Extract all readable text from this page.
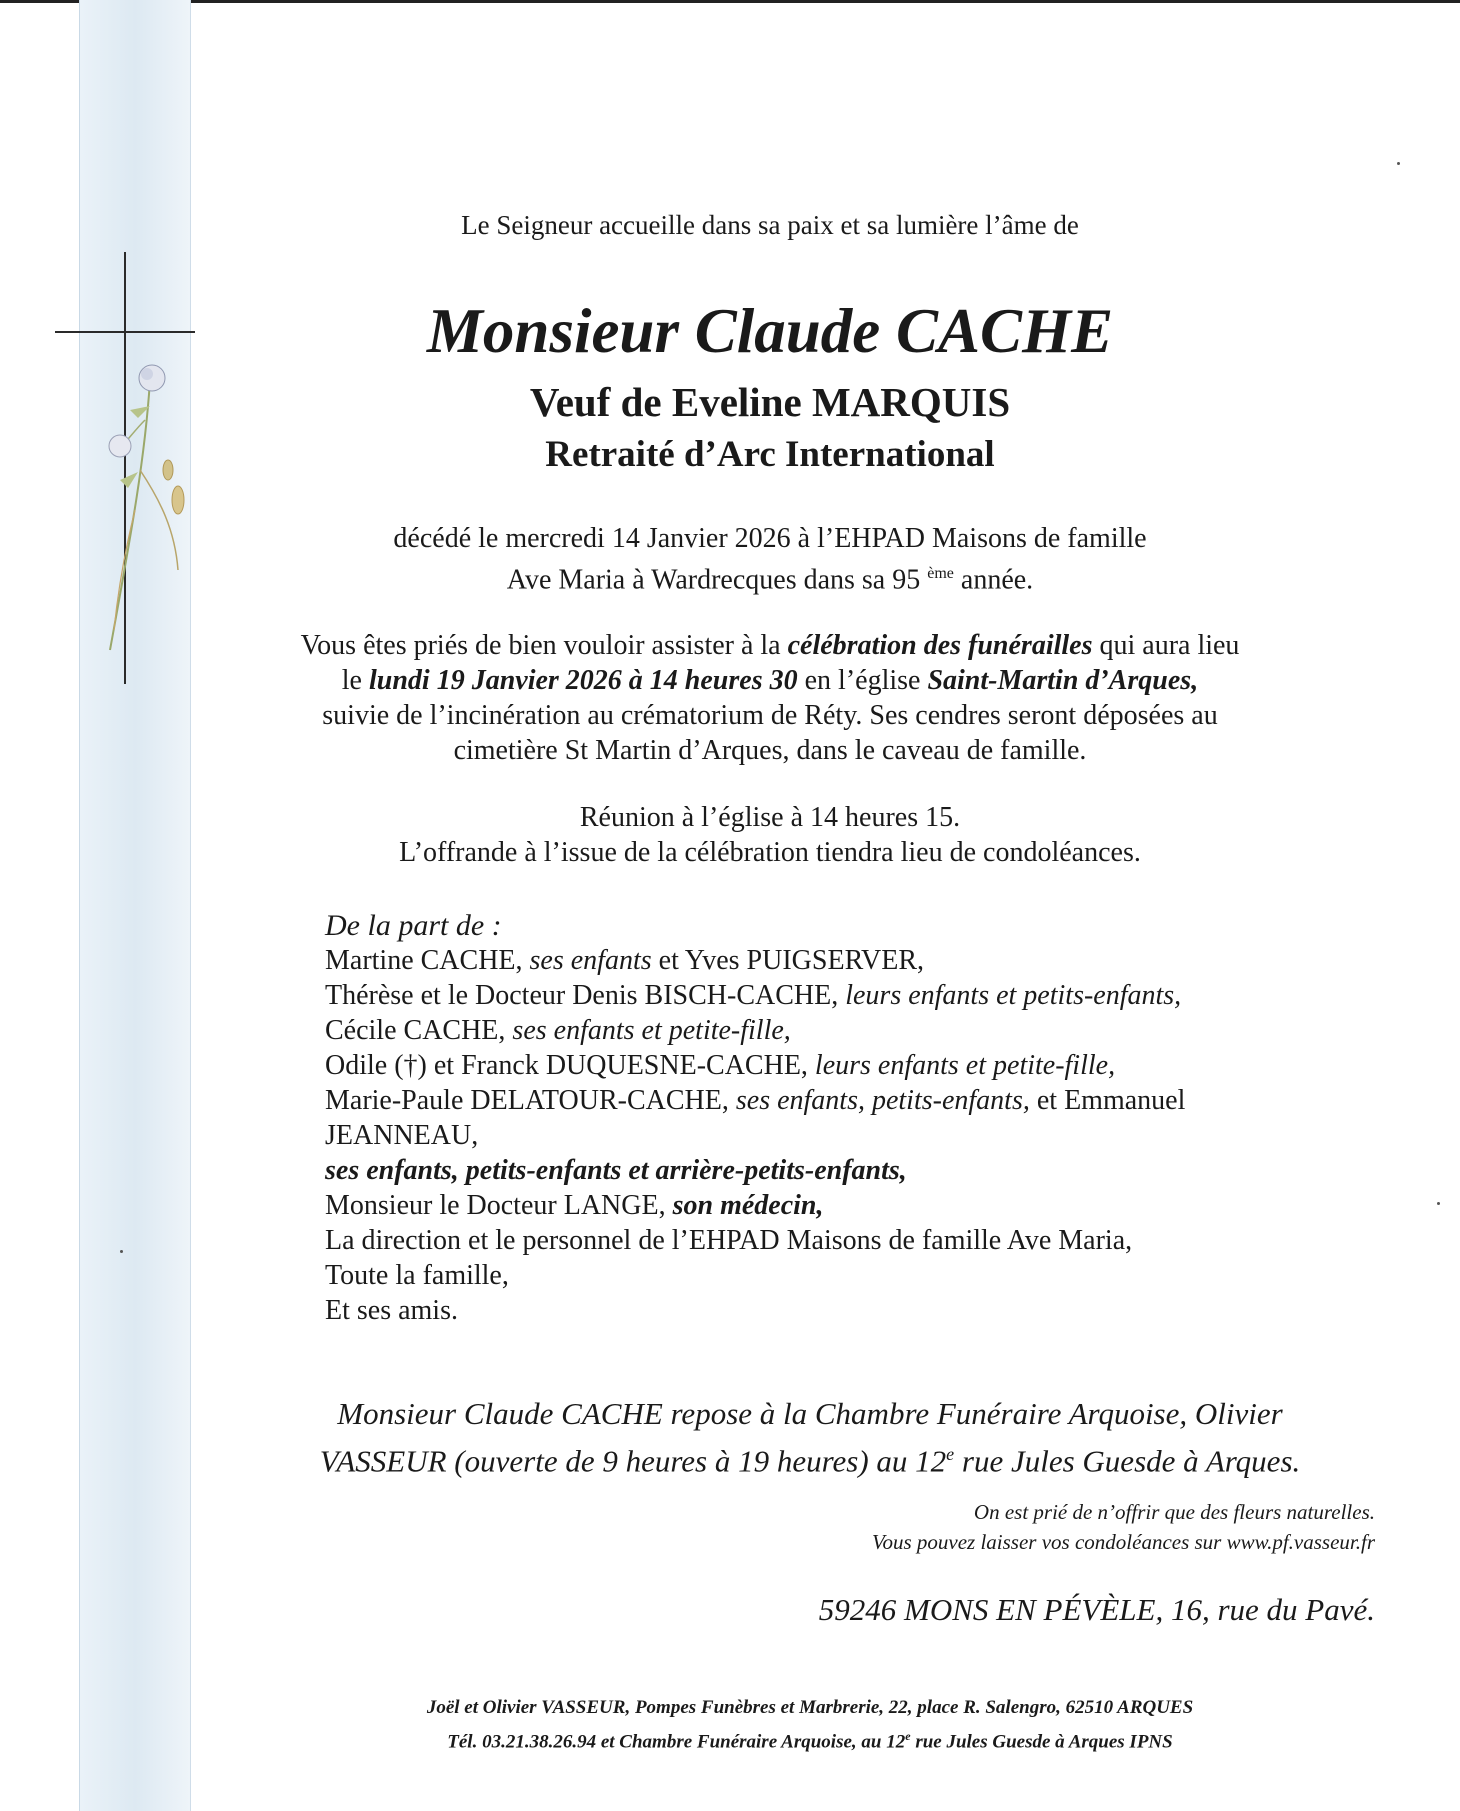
Le Seigneur accueille dans sa paix et sa lumière l’âme de
Monsieur Claude CACHE
Veuf de Eveline MARQUIS
Retraité d’Arc International
décédé le mercredi 14 Janvier 2026 à l’EHPAD Maisons de famille
Ave Maria à Wardrecques dans sa 95 $^{ème}$ année.
Vous êtes priés de bien vouloir assister à la célébration des funérailles qui aura lieu
le lundi 19 Janvier 2026 à 14 heures 30 en l’église Saint-Martin d’Arques,
suivie de l’incinération au crématorium de Réty. Ses cendres seront déposées au
cimetière St Martin d’Arques, dans le caveau de famille.
Réunion à l’église à 14 heures 15.
L’offrande à l’issue de la célébration tiendra lieu de condoléances.
De la part de :
Martine CACHE, ses enfants et Yves PUIGSERVER,
Thérèse et le Docteur Denis BISCH-CACHE, leurs enfants et petits-enfants,
Cécile CACHE, ses enfants et petite-fille,
Odile (†) et Franck DUQUESNE-CACHE, leurs enfants et petite-fille,
Marie-Paule DELATOUR-CACHE, ses enfants, petits-enfants, et Emmanuel
JEANNEAU,
ses enfants, petits-enfants et arrière-petits-enfants,
Monsieur le Docteur LANGE, son médecin,
La direction et le personnel de l’EHPAD Maisons de famille Ave Maria,
Toute la famille,
Et ses amis.
Monsieur Claude CACHE repose à la Chambre Funéraire Arquoise, Olivier
VASSEUR (ouverte de 9 heures à 19 heures) au 12e rue Jules Guesde à Arques.
On est prié de n’offrir que des fleurs naturelles.
Vous pouvez laisser vos condoléances sur www.pf.vasseur.fr
59246 MONS EN PÉVÈLE, 16, rue du Pavé.
Joël et Olivier VASSEUR, Pompes Funèbres et Marbrerie, 22, place R. Salengro, 62510 ARQUES
Tél. 03.21.38.26.94 et Chambre Funéraire Arquoise, au 12e rue Jules Guesde à Arques IPNS
